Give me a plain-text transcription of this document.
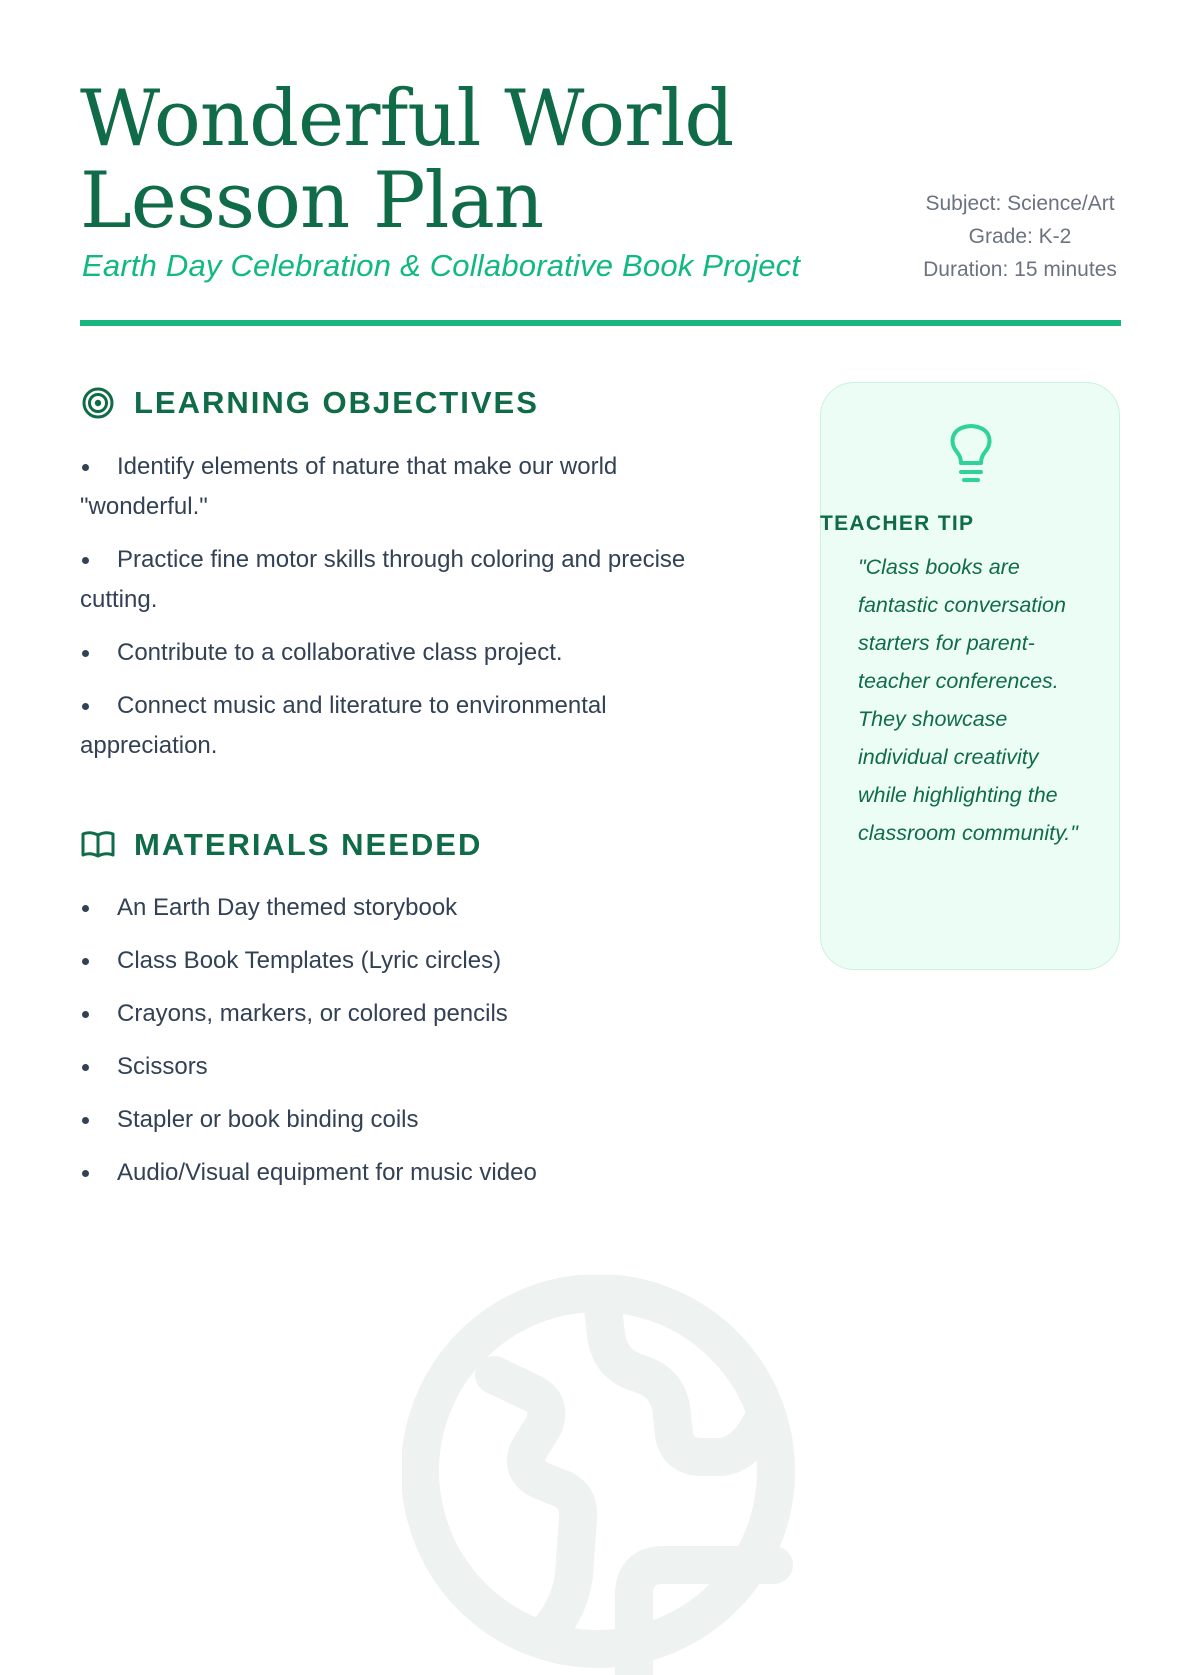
Wonderful World
Lesson Plan
Earth Day Celebration & Collaborative Book Project
Subject: Science/Art
Grade: K-2
Duration: 15 minutes
LEARNING OBJECTIVES
Identify elements of nature that make our world "wonderful."
Practice fine motor skills through coloring and precise cutting.
Contribute to a collaborative class project.
Connect music and literature to environmental appreciation.
MATERIALS NEEDED
An Earth Day themed storybook
Class Book Templates (Lyric circles)
Crayons, markers, or colored pencils
Scissors
Stapler or book binding coils
Audio/Visual equipment for music video
TEACHER TIP

"Class books are fantastic conversation starters for parent-teacher conferences. They showcase individual creativity while highlighting the classroom community."
